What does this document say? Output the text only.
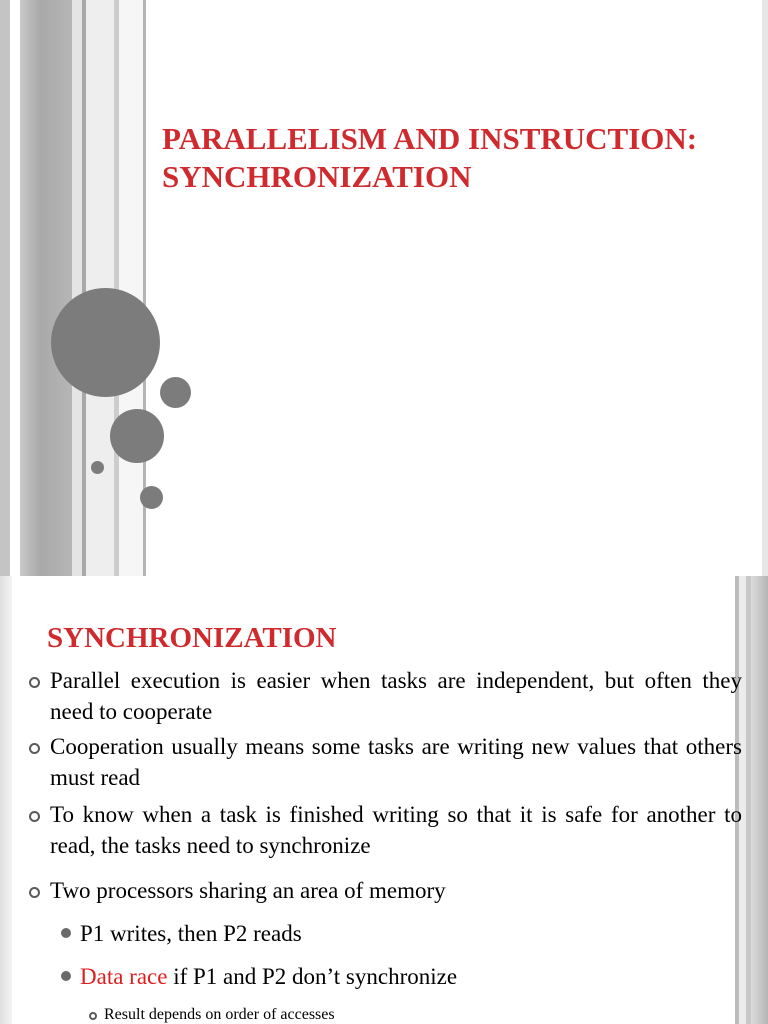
PARALLELISM AND INSTRUCTION:
SYNCHRONIZATION
SYNCHRONIZATION
Parallel execution is easier when tasks are independent, but often they need to cooperate
Cooperation usually means some tasks are writing new values that others must read
To know when a task is finished writing so that it is safe for another to read, the tasks need to synchronize
Two processors sharing an area of memory
P1 writes, then P2 reads
Data race if P1 and P2 don’t synchronize
Result depends on order of accesses
